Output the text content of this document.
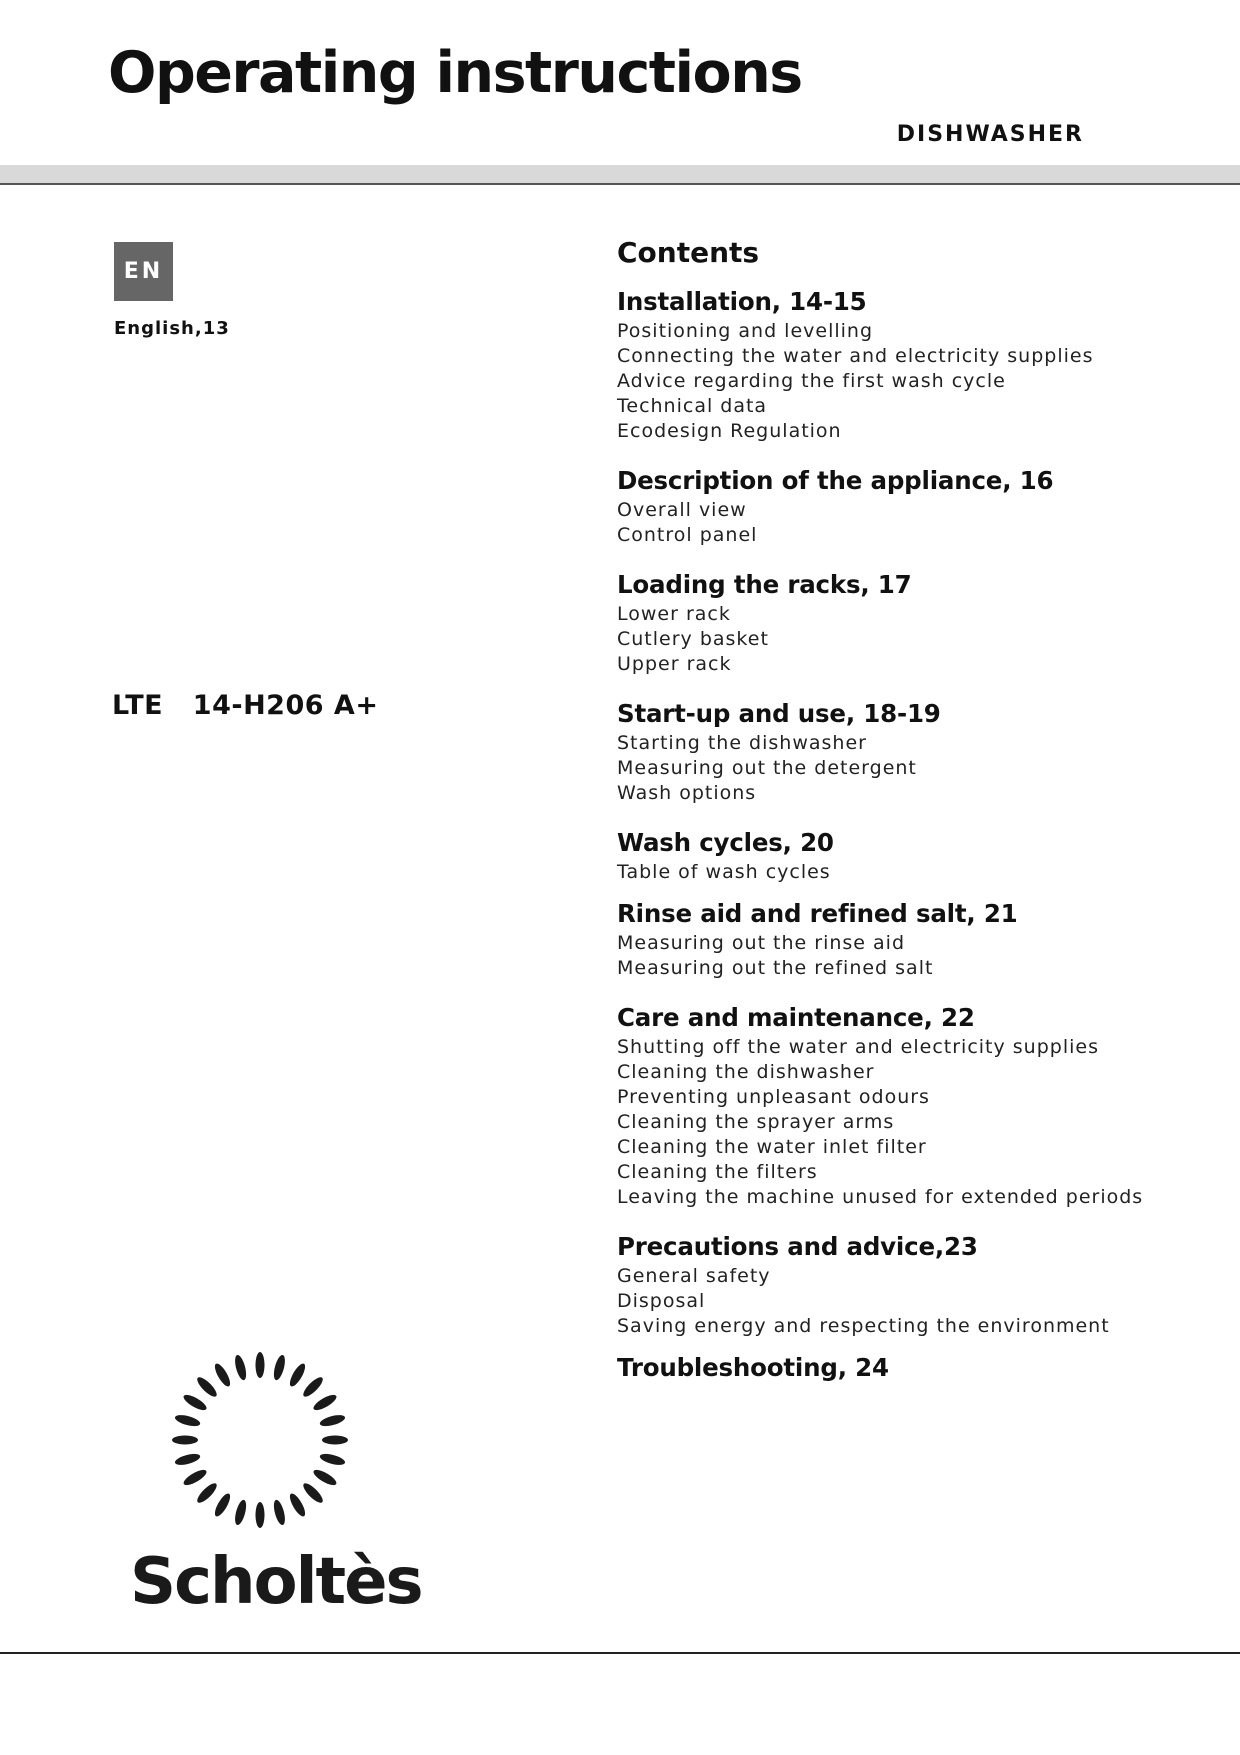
Operating instructions
DISHWASHER
EN
English,13
LTE   14-H206 A+
Contents
Installation, 14-15
Positioning and levelling
Connecting the water and electricity supplies
Advice regarding the first wash cycle
Technical data
Ecodesign Regulation
Description of the appliance, 16
Overall view
Control panel
Loading the racks, 17
Lower rack
Cutlery basket
Upper rack
Start-up and use, 18-19
Starting the dishwasher
Measuring out the detergent
Wash options
Wash cycles, 20
Table of wash cycles
Rinse aid and refined salt, 21
Measuring out the rinse aid
Measuring out the refined salt
Care and maintenance, 22
Shutting off the water and electricity supplies
Cleaning the dishwasher
Preventing unpleasant odours
Cleaning the sprayer arms
Cleaning the water inlet filter
Cleaning the filters
Leaving the machine unused for extended periods
Precautions and advice,23
General safety
Disposal
Saving energy and respecting the environment
Troubleshooting, 24
Scholtès
